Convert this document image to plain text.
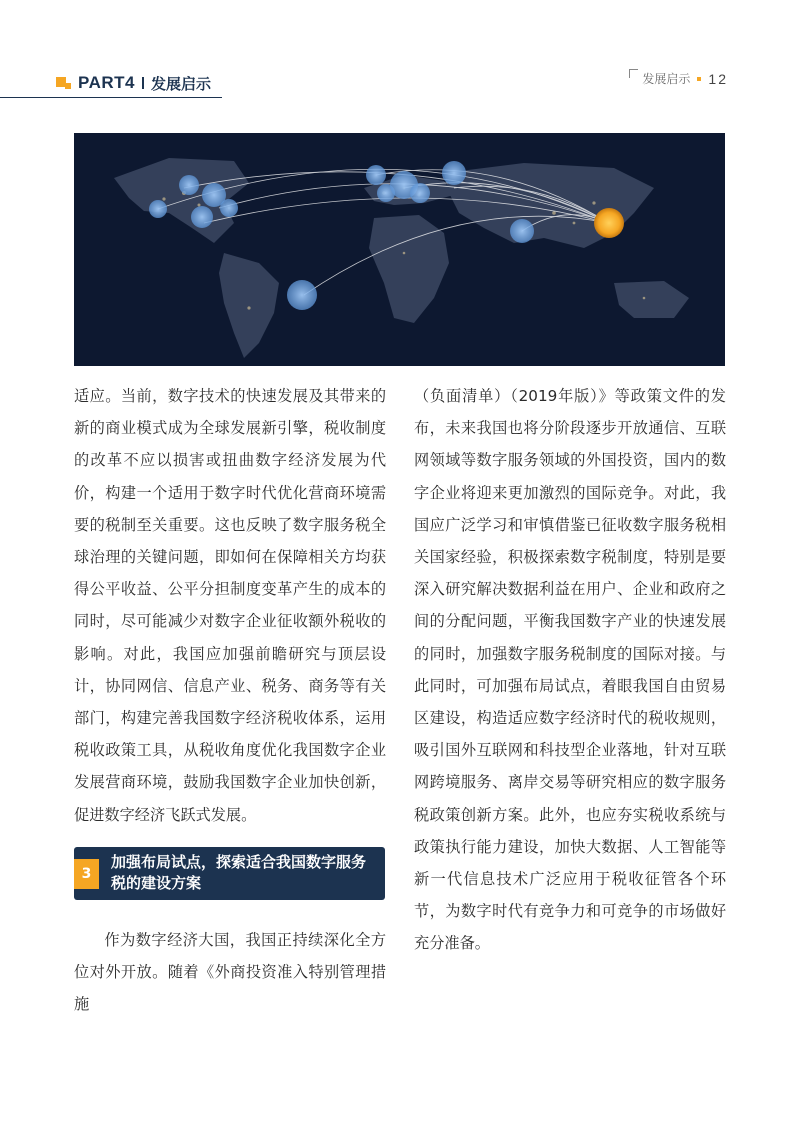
PART4 发展启示	发展启示 12

适应。当前，数字技术的快速发展及其带来的新的商业模式成为全球发展新引擎，税收制度的改革不应以损害或扭曲数字经济发展为代价，构建一个适用于数字时代优化营商环境需要的税制至关重要。这也反映了数字服务税全球治理的关键问题，即如何在保障相关方均获得公平收益、公平分担制度变革产生的成本的同时，尽可能减少对数字企业征收额外税收的影响。对此，我国应加强前瞻研究与顶层设计，协同网信、信息产业、税务、商务等有关部门，构建完善我国数字经济税收体系，运用税收政策工具，从税收角度优化我国数字企业发展营商环境，鼓励我国数字企业加快创新，促进数字经济飞跃式发展。

3
加强布局试点，探索适合我国数字服务税的建设方案

作为数字经济大国，我国正持续深化全方位对外开放。随着《外商投资准入特别管理措施

（负面清单）（2019年版）》等政策文件的发布，未来我国也将分阶段逐步开放通信、互联网领域等数字服务领域的外国投资，国内的数字企业将迎来更加激烈的国际竞争。对此，我国应广泛学习和审慎借鉴已征收数字服务税相关国家经验，积极探索数字税制度，特别是要深入研究解决数据利益在用户、企业和政府之间的分配问题，平衡我国数字产业的快速发展的同时，加强数字服务税制度的国际对接。与此同时，可加强布局试点，着眼我国自由贸易区建设，构造适应数字经济时代的税收规则，吸引国外互联网和科技型企业落地，针对互联网跨境服务、离岸交易等研究相应的数字服务税政策创新方案。此外，也应夯实税收系统与政策执行能力建设，加快大数据、人工智能等新一代信息技术广泛应用于税收征管各个环节，为数字时代有竞争力和可竞争的市场做好充分准备。
